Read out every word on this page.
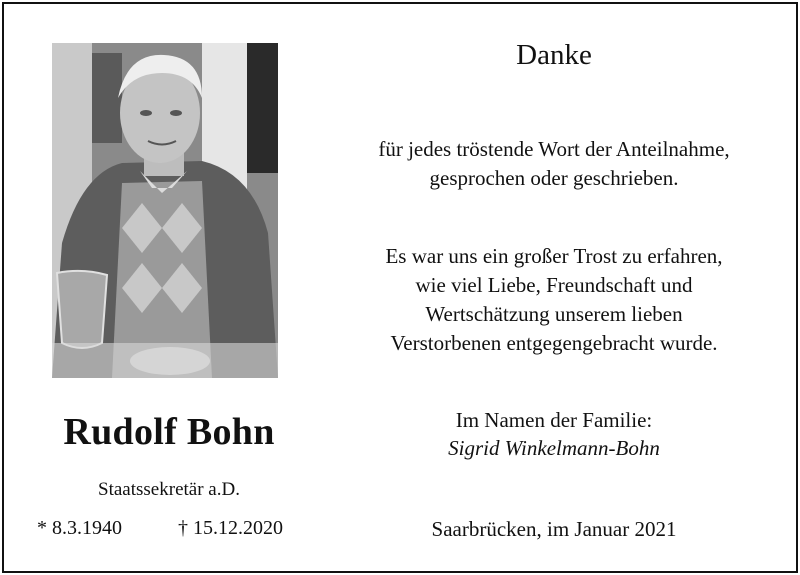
Rudolf Bohn
Staatssekretär a.D.
* 8.3.1940	† 15.12.2020
Danke
für jedes tröstende Wort der Anteilnahme,
gesprochen oder geschrieben.
Es war uns ein großer Trost zu erfahren,
wie viel Liebe, Freundschaft und
Wertschätzung unserem lieben
Verstorbenen entgegengebracht wurde.
Im Namen der Familie:
Sigrid Winkelmann-Bohn
Saarbrücken, im Januar 2021
